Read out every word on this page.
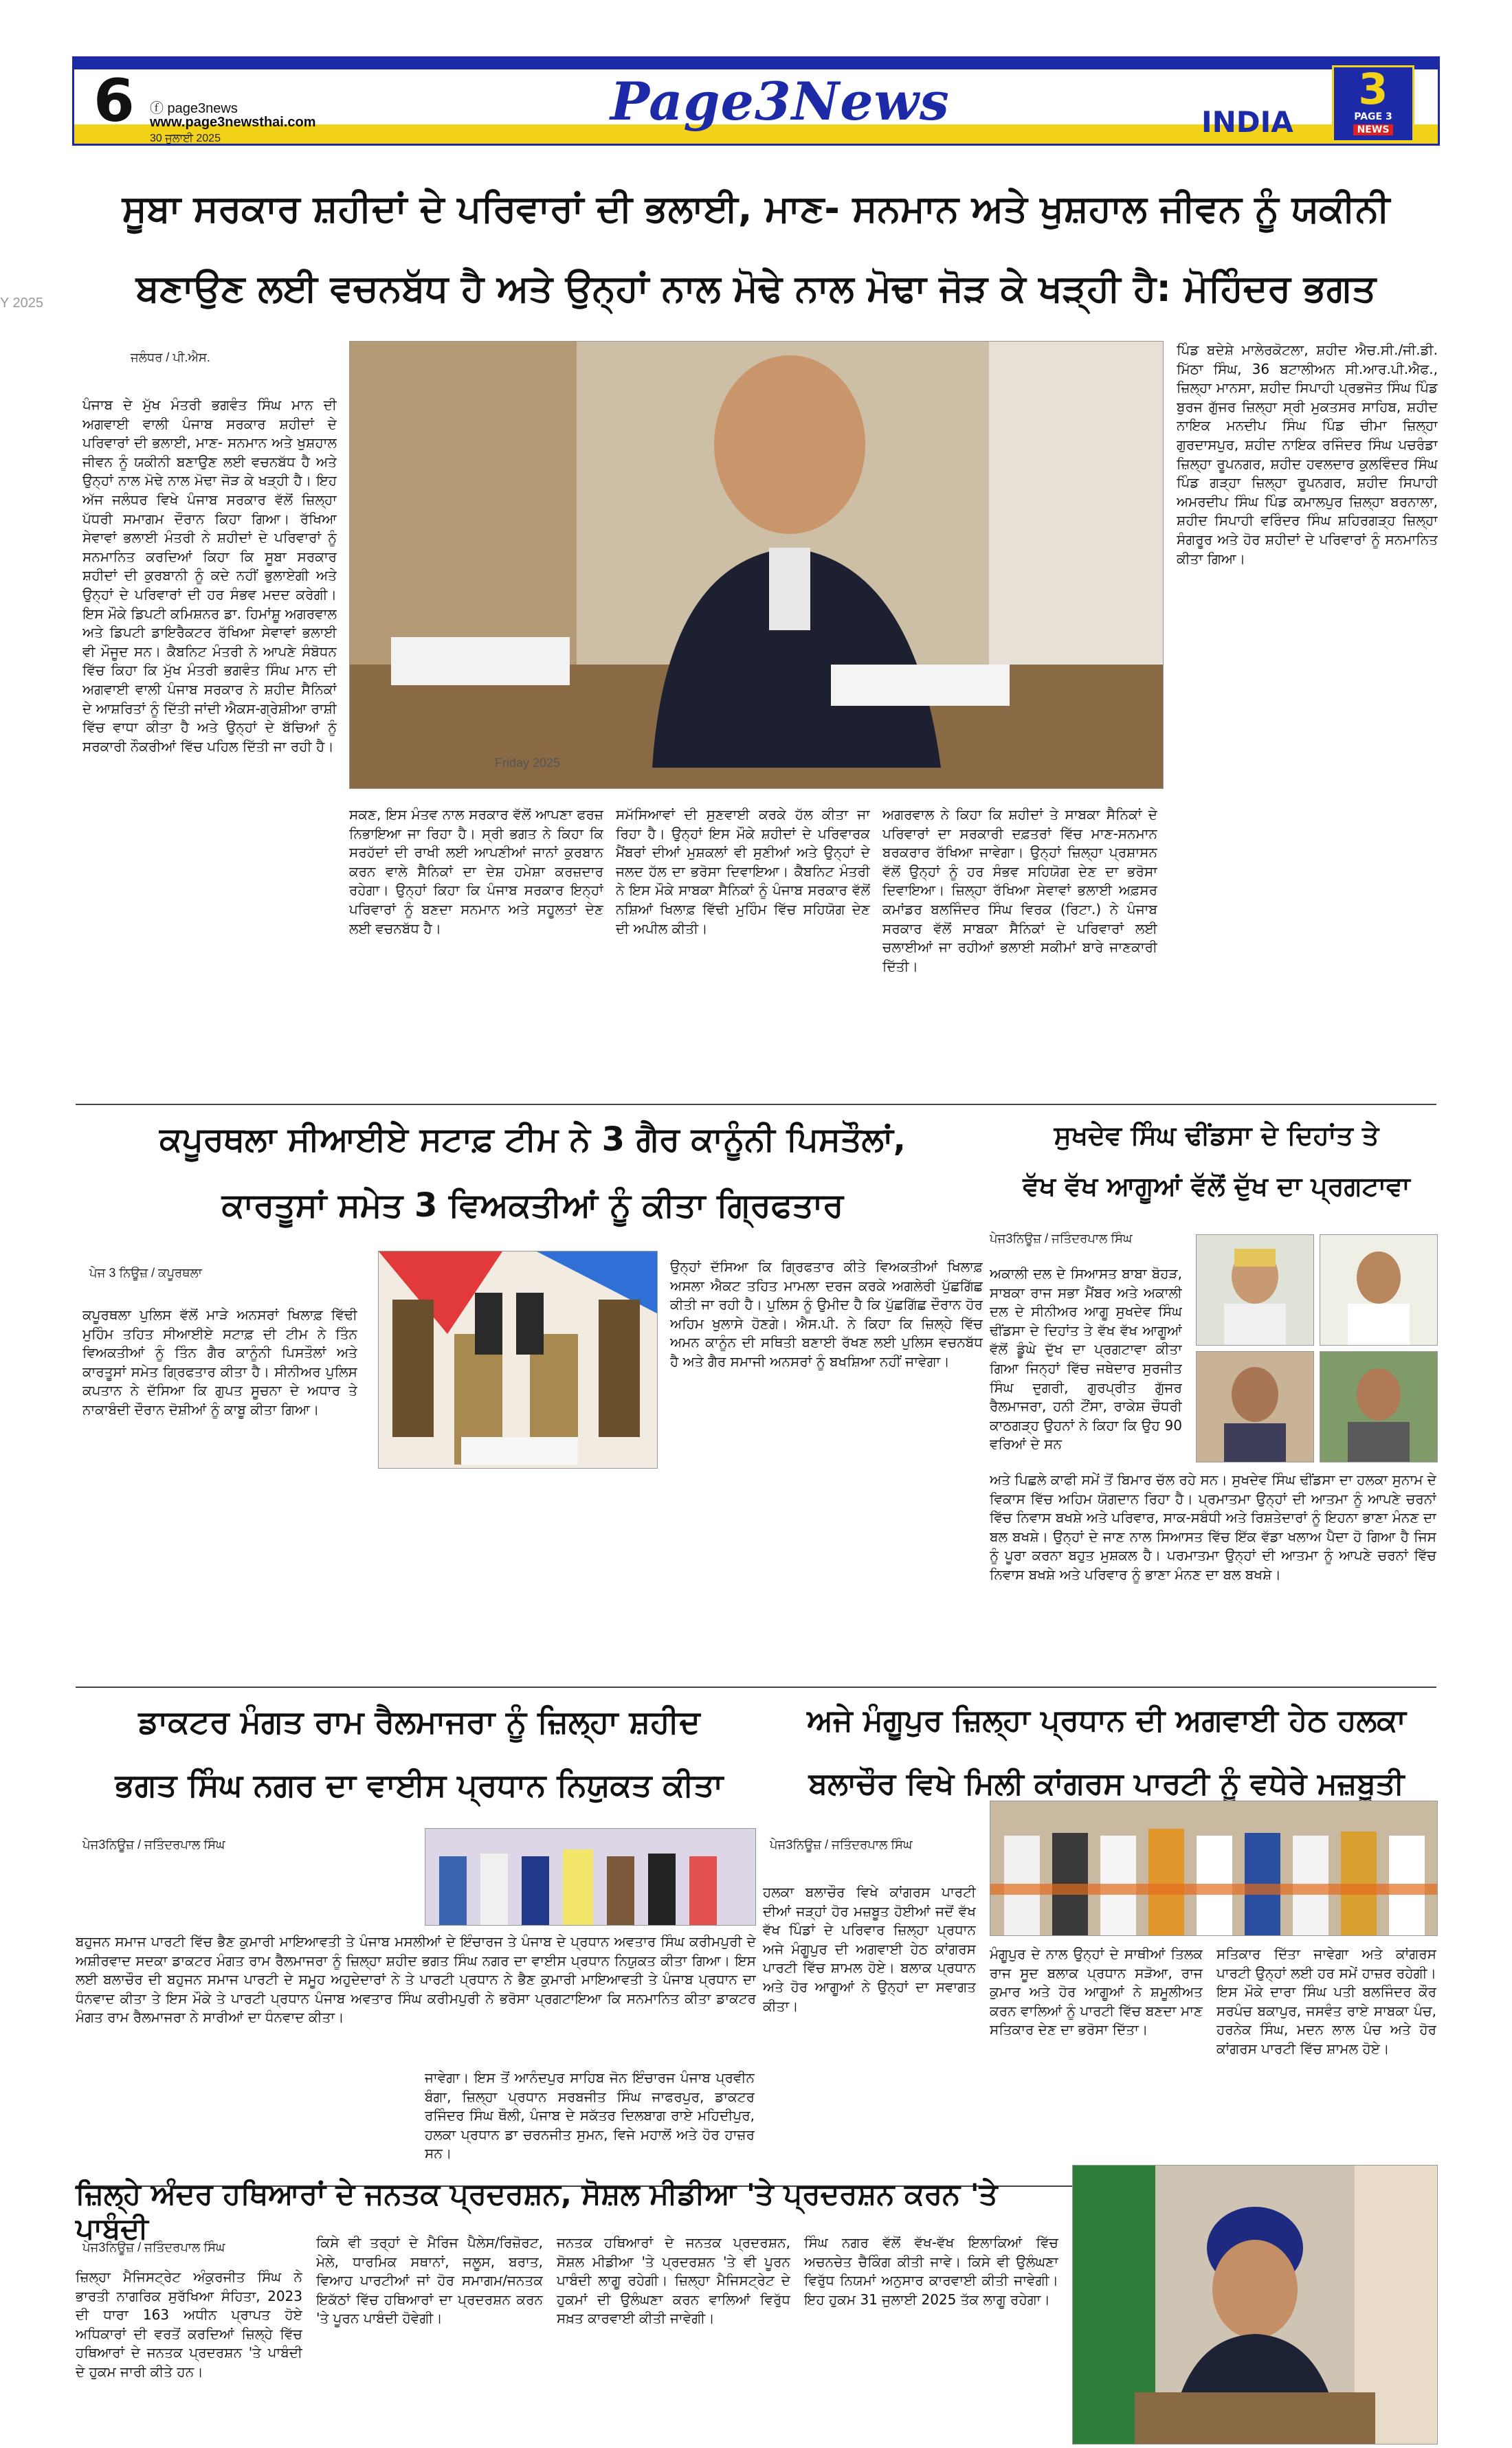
6 ⓕ page3news
www.page3newsthai.com
30 ਜੁਲਾਈ 2025
Page3News	INDIA
3
PAGE 3
NEWS
Y 2025
ਸੂਬਾ ਸਰਕਾਰ ਸ਼ਹੀਦਾਂ ਦੇ ਪਰਿਵਾਰਾਂ ਦੀ ਭਲਾਈ, ਮਾਣ- ਸਨਮਾਨ ਅਤੇ ਖੁਸ਼ਹਾਲ ਜੀਵਨ ਨੂੰ ਯਕੀਨੀ
ਬਣਾਉਣ ਲਈ ਵਚਨਬੱਧ ਹੈ ਅਤੇ ਉਨ੍ਹਾਂ ਨਾਲ ਮੋਢੇ ਨਾਲ ਮੋਢਾ ਜੋੜ ਕੇ ਖੜ੍ਹੀ ਹੈ: ਮੋਹਿੰਦਰ ਭਗਤ
ਜਲੰਧਰ / ਪੀ.ਐਸ.
ਪੰਜਾਬ ਦੇ ਮੁੱਖ ਮੰਤਰੀ ਭਗਵੰਤ ਸਿੰਘ ਮਾਨ ਦੀ ਅਗਵਾਈ ਵਾਲੀ ਪੰਜਾਬ ਸਰਕਾਰ ਸ਼ਹੀਦਾਂ ਦੇ ਪਰਿਵਾਰਾਂ ਦੀ ਭਲਾਈ, ਮਾਣ- ਸਨਮਾਨ ਅਤੇ ਖੁਸ਼ਹਾਲ ਜੀਵਨ ਨੂੰ ਯਕੀਨੀ ਬਣਾਉਣ ਲਈ ਵਚਨਬੱਧ ਹੈ ਅਤੇ ਉਨ੍ਹਾਂ ਨਾਲ ਮੋਢੇ ਨਾਲ ਮੋਢਾ ਜੋੜ ਕੇ ਖੜ੍ਹੀ ਹੈ। ਇਹ ਅੱਜ ਜਲੰਧਰ ਵਿਖੇ ਪੰਜਾਬ ਸਰਕਾਰ ਵੱਲੋਂ ਜ਼ਿਲ੍ਹਾ ਪੱਧਰੀ ਸਮਾਗਮ ਦੌਰਾਨ ਕਿਹਾ ਗਿਆ। ਰੱਖਿਆ ਸੇਵਾਵਾਂ ਭਲਾਈ ਮੰਤਰੀ ਨੇ ਸ਼ਹੀਦਾਂ ਦੇ ਪਰਿਵਾਰਾਂ ਨੂੰ ਸਨਮਾਨਿਤ ਕਰਦਿਆਂ ਕਿਹਾ ਕਿ ਸੂਬਾ ਸਰਕਾਰ ਸ਼ਹੀਦਾਂ ਦੀ ਕੁਰਬਾਨੀ ਨੂੰ ਕਦੇ ਨਹੀਂ ਭੁਲਾਏਗੀ ਅਤੇ ਉਨ੍ਹਾਂ ਦੇ ਪਰਿਵਾਰਾਂ ਦੀ ਹਰ ਸੰਭਵ ਮਦਦ ਕਰੇਗੀ। ਇਸ ਮੌਕੇ ਡਿਪਟੀ ਕਮਿਸ਼ਨਰ ਡਾ. ਹਿਮਾਂਸ਼ੂ ਅਗਰਵਾਲ ਅਤੇ ਡਿਪਟੀ ਡਾਇਰੈਕਟਰ ਰੱਖਿਆ ਸੇਵਾਵਾਂ ਭਲਾਈ ਵੀ ਮੌਜੂਦ ਸਨ। ਕੈਬਨਿਟ ਮੰਤਰੀ ਨੇ ਆਪਣੇ ਸੰਬੋਧਨ ਵਿੱਚ ਕਿਹਾ ਕਿ ਮੁੱਖ ਮੰਤਰੀ ਭਗਵੰਤ ਸਿੰਘ ਮਾਨ ਦੀ ਅਗਵਾਈ ਵਾਲੀ ਪੰਜਾਬ ਸਰਕਾਰ ਨੇ ਸ਼ਹੀਦ ਸੈਨਿਕਾਂ ਦੇ ਆਸ਼ਰਿਤਾਂ ਨੂੰ ਦਿੱਤੀ ਜਾਂਦੀ ਐਕਸ-ਗ੍ਰੇਸ਼ੀਆ ਰਾਸ਼ੀ ਵਿੱਚ ਵਾਧਾ ਕੀਤਾ ਹੈ ਅਤੇ ਉਨ੍ਹਾਂ ਦੇ ਬੱਚਿਆਂ ਨੂੰ ਸਰਕਾਰੀ ਨੌਕਰੀਆਂ ਵਿੱਚ ਪਹਿਲ ਦਿੱਤੀ ਜਾ ਰਹੀ ਹੈ।
Friday 2025
ਸਕਣ, ਇਸ ਮੰਤਵ ਨਾਲ ਸਰਕਾਰ ਵੱਲੋਂ ਆਪਣਾ ਫਰਜ਼ ਨਿਭਾਇਆ ਜਾ ਰਿਹਾ ਹੈ। ਸ੍ਰੀ ਭਗਤ ਨੇ ਕਿਹਾ ਕਿ ਸਰਹੱਦਾਂ ਦੀ ਰਾਖੀ ਲਈ ਆਪਣੀਆਂ ਜਾਨਾਂ ਕੁਰਬਾਨ ਕਰਨ ਵਾਲੇ ਸੈਨਿਕਾਂ ਦਾ ਦੇਸ਼ ਹਮੇਸ਼ਾ ਕਰਜ਼ਦਾਰ ਰਹੇਗਾ। ਉਨ੍ਹਾਂ ਕਿਹਾ ਕਿ ਪੰਜਾਬ ਸਰਕਾਰ ਇਨ੍ਹਾਂ ਪਰਿਵਾਰਾਂ ਨੂੰ ਬਣਦਾ ਸਨਮਾਨ ਅਤੇ ਸਹੂਲਤਾਂ ਦੇਣ ਲਈ ਵਚਨਬੱਧ ਹੈ।
ਸਮੱਸਿਆਵਾਂ ਦੀ ਸੁਣਵਾਈ ਕਰਕੇ ਹੱਲ ਕੀਤਾ ਜਾ ਰਿਹਾ ਹੈ। ਉਨ੍ਹਾਂ ਇਸ ਮੌਕੇ ਸ਼ਹੀਦਾਂ ਦੇ ਪਰਿਵਾਰਕ ਮੈਂਬਰਾਂ ਦੀਆਂ ਮੁਸ਼ਕਲਾਂ ਵੀ ਸੁਣੀਆਂ ਅਤੇ ਉਨ੍ਹਾਂ ਦੇ ਜਲਦ ਹੱਲ ਦਾ ਭਰੋਸਾ ਦਿਵਾਇਆ। ਕੈਬਨਿਟ ਮੰਤਰੀ ਨੇ ਇਸ ਮੌਕੇ ਸਾਬਕਾ ਸੈਨਿਕਾਂ ਨੂੰ ਪੰਜਾਬ ਸਰਕਾਰ ਵੱਲੋਂ ਨਸ਼ਿਆਂ ਖਿਲਾਫ਼ ਵਿੱਢੀ ਮੁਹਿੰਮ ਵਿੱਚ ਸਹਿਯੋਗ ਦੇਣ ਦੀ ਅਪੀਲ ਕੀਤੀ।
ਅਗਰਵਾਲ ਨੇ ਕਿਹਾ ਕਿ ਸ਼ਹੀਦਾਂ ਤੇ ਸਾਬਕਾ ਸੈਨਿਕਾਂ ਦੇ ਪਰਿਵਾਰਾਂ ਦਾ ਸਰਕਾਰੀ ਦਫ਼ਤਰਾਂ ਵਿੱਚ ਮਾਣ-ਸਨਮਾਨ ਬਰਕਰਾਰ ਰੱਖਿਆ ਜਾਵੇਗਾ। ਉਨ੍ਹਾਂ ਜ਼ਿਲ੍ਹਾ ਪ੍ਰਸ਼ਾਸਨ ਵੱਲੋਂ ਉਨ੍ਹਾਂ ਨੂੰ ਹਰ ਸੰਭਵ ਸਹਿਯੋਗ ਦੇਣ ਦਾ ਭਰੋਸਾ ਦਿਵਾਇਆ। ਜ਼ਿਲ੍ਹਾ ਰੱਖਿਆ ਸੇਵਾਵਾਂ ਭਲਾਈ ਅਫ਼ਸਰ ਕਮਾਂਡਰ ਬਲਜਿੰਦਰ ਸਿੰਘ ਵਿਰਕ (ਰਿਟਾ.) ਨੇ ਪੰਜਾਬ ਸਰਕਾਰ ਵੱਲੋਂ ਸਾਬਕਾ ਸੈਨਿਕਾਂ ਦੇ ਪਰਿਵਾਰਾਂ ਲਈ ਚਲਾਈਆਂ ਜਾ ਰਹੀਆਂ ਭਲਾਈ ਸਕੀਮਾਂ ਬਾਰੇ ਜਾਣਕਾਰੀ ਦਿੱਤੀ।
ਪਿੰਡ ਬਦੇਸ਼ੇ ਮਾਲੇਰਕੋਟਲਾ, ਸ਼ਹੀਦ ਐਚ.ਸੀ./ਜੀ.ਡੀ. ਮਿੱਠਾ ਸਿੰਘ, 36 ਬਟਾਲੀਅਨ ਸੀ.ਆਰ.ਪੀ.ਐਫ., ਜ਼ਿਲ੍ਹਾ ਮਾਨਸਾ, ਸ਼ਹੀਦ ਸਿਪਾਹੀ ਪ੍ਰਭਜੋਤ ਸਿੰਘ ਪਿੰਡ ਬੁਰਜ ਗੁੱਜਰ ਜ਼ਿਲ੍ਹਾ ਸ੍ਰੀ ਮੁਕਤਸਰ ਸਾਹਿਬ, ਸ਼ਹੀਦ ਨਾਇਕ ਮਨਦੀਪ ਸਿੰਘ ਪਿੰਡ ਚੀਮਾ ਜ਼ਿਲ੍ਹਾ ਗੁਰਦਾਸਪੁਰ, ਸ਼ਹੀਦ ਨਾਇਕ ਰਜਿੰਦਰ ਸਿੰਘ ਪਚਰੰਡਾ ਜ਼ਿਲ੍ਹਾ ਰੂਪਨਗਰ, ਸ਼ਹੀਦ ਹਵਲਦਾਰ ਕੁਲਵਿੰਦਰ ਸਿੰਘ ਪਿੰਡ ਗੜ੍ਹਾ ਜ਼ਿਲ੍ਹਾ ਰੂਪਨਗਰ, ਸ਼ਹੀਦ ਸਿਪਾਹੀ ਅਮਰਦੀਪ ਸਿੰਘ ਪਿੰਡ ਕਮਾਲਪੁਰ ਜ਼ਿਲ੍ਹਾ ਬਰਨਾਲਾ, ਸ਼ਹੀਦ ਸਿਪਾਹੀ ਵਰਿੰਦਰ ਸਿੰਘ ਸ਼ਹਿਰਗੜ੍ਹ ਜ਼ਿਲ੍ਹਾ ਸੰਗਰੂਰ ਅਤੇ ਹੋਰ ਸ਼ਹੀਦਾਂ ਦੇ ਪਰਿਵਾਰਾਂ ਨੂੰ ਸਨਮਾਨਿਤ ਕੀਤਾ ਗਿਆ।
ਕਪੂਰਥਲਾ ਸੀਆਈਏ ਸਟਾਫ਼ ਟੀਮ ਨੇ 3 ਗੈਰ ਕਾਨੂੰਨੀ ਪਿਸਤੌਲਾਂ,
ਕਾਰਤੂਸਾਂ ਸਮੇਤ 3 ਵਿਅਕਤੀਆਂ ਨੂੰ ਕੀਤਾ ਗ੍ਰਿਫਤਾਰ
ਪੇਜ 3 ਨਿਊਜ਼ / ਕਪੂਰਥਲਾ
ਕਪੂਰਥਲਾ ਪੁਲਿਸ ਵੱਲੋਂ ਮਾੜੇ ਅਨਸਰਾਂ ਖਿਲਾਫ਼ ਵਿੱਢੀ ਮੁਹਿੰਮ ਤਹਿਤ ਸੀਆਈਏ ਸਟਾਫ਼ ਦੀ ਟੀਮ ਨੇ ਤਿੰਨ ਵਿਅਕਤੀਆਂ ਨੂੰ ਤਿੰਨ ਗੈਰ ਕਾਨੂੰਨੀ ਪਿਸਤੌਲਾਂ ਅਤੇ ਕਾਰਤੂਸਾਂ ਸਮੇਤ ਗ੍ਰਿਫਤਾਰ ਕੀਤਾ ਹੈ। ਸੀਨੀਅਰ ਪੁਲਿਸ ਕਪਤਾਨ ਨੇ ਦੱਸਿਆ ਕਿ ਗੁਪਤ ਸੂਚਨਾ ਦੇ ਅਧਾਰ ਤੇ ਨਾਕਾਬੰਦੀ ਦੌਰਾਨ ਦੋਸ਼ੀਆਂ ਨੂੰ ਕਾਬੂ ਕੀਤਾ ਗਿਆ।
ਉਨ੍ਹਾਂ ਦੱਸਿਆ ਕਿ ਗ੍ਰਿਫਤਾਰ ਕੀਤੇ ਵਿਅਕਤੀਆਂ ਖਿਲਾਫ਼ ਅਸਲਾ ਐਕਟ ਤਹਿਤ ਮਾਮਲਾ ਦਰਜ ਕਰਕੇ ਅਗਲੇਰੀ ਪੁੱਛਗਿੱਛ ਕੀਤੀ ਜਾ ਰਹੀ ਹੈ। ਪੁਲਿਸ ਨੂੰ ਉਮੀਦ ਹੈ ਕਿ ਪੁੱਛਗਿੱਛ ਦੌਰਾਨ ਹੋਰ ਅਹਿਮ ਖੁਲਾਸੇ ਹੋਣਗੇ। ਐਸ.ਪੀ. ਨੇ ਕਿਹਾ ਕਿ ਜ਼ਿਲ੍ਹੇ ਵਿੱਚ ਅਮਨ ਕਾਨੂੰਨ ਦੀ ਸਥਿਤੀ ਬਣਾਈ ਰੱਖਣ ਲਈ ਪੁਲਿਸ ਵਚਨਬੱਧ ਹੈ ਅਤੇ ਗੈਰ ਸਮਾਜੀ ਅਨਸਰਾਂ ਨੂੰ ਬਖਸ਼ਿਆ ਨਹੀਂ ਜਾਵੇਗਾ।
ਸੁਖਦੇਵ ਸਿੰਘ ਢੀਂਡਸਾ ਦੇ ਦਿਹਾਂਤ ਤੇ
ਵੱਖ ਵੱਖ ਆਗੂਆਂ ਵੱਲੋਂ ਦੁੱਖ ਦਾ ਪ੍ਰਗਟਾਵਾ
ਪੇਜ3ਨਿਊਜ਼ / ਜਤਿੰਦਰਪਾਲ ਸਿੰਘ
ਅਕਾਲੀ ਦਲ ਦੇ ਸਿਆਸਤ ਬਾਬਾ ਬੋਹੜ, ਸਾਬਕਾ ਰਾਜ ਸਭਾ ਮੈਂਬਰ ਅਤੇ ਅਕਾਲੀ ਦਲ ਦੇ ਸੀਨੀਅਰ ਆਗੂ ਸੁਖਦੇਵ ਸਿੰਘ ਢੀਂਡਸਾ ਦੇ ਦਿਹਾਂਤ ਤੇ ਵੱਖ ਵੱਖ ਆਗੂਆਂ ਵੱਲੋਂ ਡੂੰਘੇ ਦੁੱਖ ਦਾ ਪ੍ਰਗਟਾਵਾ ਕੀਤਾ ਗਿਆ ਜਿਨ੍ਹਾਂ ਵਿੱਚ ਜਥੇਦਾਰ ਸੁਰਜੀਤ ਸਿੰਘ ਦੁਗਰੀ, ਗੁਰਪ੍ਰੀਤ ਗੁੱਜਰ ਰੈਲਮਾਜਰਾ, ਹਨੀ ਟੌਂਸਾ, ਰਾਕੇਸ਼ ਚੌਧਰੀ ਕਾਠਗੜ੍ਹ ਉਹਨਾਂ ਨੇ ਕਿਹਾ ਕਿ ਉਹ 90 ਵਰਿਆਂ ਦੇ ਸਨ
ਅਤੇ ਪਿਛਲੇ ਕਾਫੀ ਸਮੇਂ ਤੋਂ ਬਿਮਾਰ ਚੱਲ ਰਹੇ ਸਨ। ਸੁਖਦੇਵ ਸਿੰਘ ਢੀਂਡਸਾ ਦਾ ਹਲਕਾ ਸੁਨਾਮ ਦੇ ਵਿਕਾਸ ਵਿੱਚ ਅਹਿਮ ਯੋਗਦਾਨ ਰਿਹਾ ਹੈ। ਪ੍ਰਮਾਤਮਾ ਉਨ੍ਹਾਂ ਦੀ ਆਤਮਾ ਨੂੰ ਆਪਣੇ ਚਰਨਾਂ ਵਿੱਚ ਨਿਵਾਸ ਬਖਸ਼ੇ ਅਤੇ ਪਰਿਵਾਰ, ਸਾਕ-ਸਬੰਧੀ ਅਤੇ ਰਿਸ਼ਤੇਦਾਰਾਂ ਨੂੰ ਇਹਨਾ ਭਾਣਾ ਮੰਨਣ ਦਾ ਬਲ ਬਖਸ਼ੇ। ਉਨ੍ਹਾਂ ਦੇ ਜਾਣ ਨਾਲ ਸਿਆਸਤ ਵਿੱਚ ਇੱਕ ਵੱਡਾ ਖਲਾਅ ਪੈਦਾ ਹੋ ਗਿਆ ਹੈ ਜਿਸ ਨੂੰ ਪੂਰਾ ਕਰਨਾ ਬਹੁਤ ਮੁਸ਼ਕਲ ਹੈ। ਪਰਮਾਤਮਾ ਉਨ੍ਹਾਂ ਦੀ ਆਤਮਾ ਨੂੰ ਆਪਣੇ ਚਰਨਾਂ ਵਿੱਚ ਨਿਵਾਸ ਬਖਸ਼ੇ ਅਤੇ ਪਰਿਵਾਰ ਨੂੰ ਭਾਣਾ ਮੰਨਣ ਦਾ ਬਲ ਬਖਸ਼ੇ।
ਡਾਕਟਰ ਮੰਗਤ ਰਾਮ ਰੈਲਮਾਜਰਾ ਨੂੰ ਜ਼ਿਲ੍ਹਾ ਸ਼ਹੀਦ
ਭਗਤ ਸਿੰਘ ਨਗਰ ਦਾ ਵਾਈਸ ਪ੍ਰਧਾਨ ਨਿਯੁਕਤ ਕੀਤਾ
ਪੇਜ3ਨਿਊਜ਼ / ਜਤਿੰਦਰਪਾਲ ਸਿੰਘ
ਬਹੁਜਨ ਸਮਾਜ ਪਾਰਟੀ ਵਿੱਚ ਭੈਣ ਕੁਮਾਰੀ ਮਾਇਆਵਤੀ ਤੇ ਪੰਜਾਬ ਮਸਲੀਆਂ ਦੇ ਇੰਚਾਰਜ ਤੇ ਪੰਜਾਬ ਦੇ ਪ੍ਰਧਾਨ ਅਵਤਾਰ ਸਿੰਘ ਕਰੀਮਪੁਰੀ ਦੇ ਅਸ਼ੀਰਵਾਦ ਸਦਕਾ ਡਾਕਟਰ ਮੰਗਤ ਰਾਮ ਰੈਲਮਾਜਰਾ ਨੂੰ ਜ਼ਿਲ੍ਹਾ ਸ਼ਹੀਦ ਭਗਤ ਸਿੰਘ ਨਗਰ ਦਾ ਵਾਈਸ ਪ੍ਰਧਾਨ ਨਿਯੁਕਤ ਕੀਤਾ ਗਿਆ। ਇਸ ਲਈ ਬਲਾਚੌਰ ਦੀ ਬਹੁਜਨ ਸਮਾਜ ਪਾਰਟੀ ਦੇ ਸਮੂਹ ਅਹੁਦੇਦਾਰਾਂ ਨੇ ਤੇ ਪਾਰਟੀ ਪ੍ਰਧਾਨ ਨੇ ਭੈਣ ਕੁਮਾਰੀ ਮਾਇਆਵਤੀ ਤੇ ਪੰਜਾਬ ਪ੍ਰਧਾਨ ਦਾ ਧੰਨਵਾਦ ਕੀਤਾ ਤੇ ਇਸ ਮੌਕੇ ਤੇ ਪਾਰਟੀ ਪ੍ਰਧਾਨ ਪੰਜਾਬ ਅਵਤਾਰ ਸਿੰਘ ਕਰੀਮਪੁਰੀ ਨੇ ਭਰੋਸਾ ਪ੍ਰਗਟਾਇਆ ਕਿ ਸਨਮਾਨਿਤ ਕੀਤਾ ਡਾਕਟਰ ਮੰਗਤ ਰਾਮ ਰੈਲਮਾਜਰਾ ਨੇ ਸਾਰੀਆਂ ਦਾ ਧੰਨਵਾਦ ਕੀਤਾ।
ਜਾਵੇਗਾ। ਇਸ ਤੋਂ ਆਨੰਦਪੁਰ ਸਾਹਿਬ ਜੋਨ ਇੰਚਾਰਜ ਪੰਜਾਬ ਪ੍ਰਵੀਨ ਬੰਗਾ, ਜ਼ਿਲ੍ਹਾ ਪ੍ਰਧਾਨ ਸਰਬਜੀਤ ਸਿੰਘ ਜਾਫਰਪੁਰ, ਡਾਕਟਰ ਰਜਿੰਦਰ ਸਿੰਘ ਥੌਲੀ, ਪੰਜਾਬ ਦੇ ਸਕੱਤਰ ਦਿਲਬਾਗ ਰਾਏ ਮਹਿਦੀਪੁਰ, ਹਲਕਾ ਪ੍ਰਧਾਨ ਡਾ ਚਰਨਜੀਤ ਸੁਮਨ, ਵਿਜੇ ਮਹਾਲੋਂ ਅਤੇ ਹੋਰ ਹਾਜ਼ਰ ਸਨ।
ਅਜੇ ਮੰਗੂਪੁਰ ਜ਼ਿਲ੍ਹਾ ਪ੍ਰਧਾਨ ਦੀ ਅਗਵਾਈ ਹੇਠ ਹਲਕਾ
ਬਲਾਚੌਰ ਵਿਖੇ ਮਿਲੀ ਕਾਂਗਰਸ ਪਾਰਟੀ ਨੂੰ ਵਧੇਰੇ ਮਜ਼ਬੂਤੀ
ਪੇਜ3ਨਿਊਜ਼ / ਜਤਿੰਦਰਪਾਲ ਸਿੰਘ
ਹਲਕਾ ਬਲਾਚੌਰ ਵਿਖੇ ਕਾਂਗਰਸ ਪਾਰਟੀ ਦੀਆਂ ਜੜ੍ਹਾਂ ਹੋਰ ਮਜ਼ਬੂਤ ਹੋਈਆਂ ਜਦੋਂ ਵੱਖ ਵੱਖ ਪਿੰਡਾਂ ਦੇ ਪਰਿਵਾਰ ਜ਼ਿਲ੍ਹਾ ਪ੍ਰਧਾਨ ਅਜੇ ਮੰਗੂਪੁਰ ਦੀ ਅਗਵਾਈ ਹੇਠ ਕਾਂਗਰਸ ਪਾਰਟੀ ਵਿੱਚ ਸ਼ਾਮਲ ਹੋਏ। ਬਲਾਕ ਪ੍ਰਧਾਨ ਅਤੇ ਹੋਰ ਆਗੂਆਂ ਨੇ ਉਨ੍ਹਾਂ ਦਾ ਸਵਾਗਤ ਕੀਤਾ।
ਮੰਗੂਪੁਰ ਦੇ ਨਾਲ ਉਨ੍ਹਾਂ ਦੇ ਸਾਥੀਆਂ ਤਿਲਕ ਰਾਜ ਸੂਦ ਬਲਾਕ ਪ੍ਰਧਾਨ ਸੜੋਆ, ਰਾਜ ਕੁਮਾਰ ਅਤੇ ਹੋਰ ਆਗੂਆਂ ਨੇ ਸ਼ਮੂਲੀਅਤ ਕਰਨ ਵਾਲਿਆਂ ਨੂੰ ਪਾਰਟੀ ਵਿੱਚ ਬਣਦਾ ਮਾਣ ਸਤਿਕਾਰ ਦੇਣ ਦਾ ਭਰੋਸਾ ਦਿੱਤਾ।
ਸਤਿਕਾਰ ਦਿੱਤਾ ਜਾਵੇਗਾ ਅਤੇ ਕਾਂਗਰਸ ਪਾਰਟੀ ਉਨ੍ਹਾਂ ਲਈ ਹਰ ਸਮੇਂ ਹਾਜ਼ਰ ਰਹੇਗੀ। ਇਸ ਮੌਕੇ ਦਾਰਾ ਸਿੰਘ ਪਤੀ ਬਲਜਿੰਦਰ ਕੌਰ ਸਰਪੰਚ ਬਕਾਪੁਰ, ਜਸਵੰਤ ਰਾਏ ਸਾਬਕਾ ਪੰਚ, ਹਰਨੇਕ ਸਿੰਘ, ਮਦਨ ਲਾਲ ਪੰਚ ਅਤੇ ਹੋਰ ਕਾਂਗਰਸ ਪਾਰਟੀ ਵਿੱਚ ਸ਼ਾਮਲ ਹੋਏ।
ਜ਼ਿਲ੍ਹੇ ਅੰਦਰ ਹਥਿਆਰਾਂ ਦੇ ਜਨਤਕ ਪ੍ਰਦਰਸ਼ਨ, ਸੋਸ਼ਲ ਮੀਡੀਆ 'ਤੇ ਪ੍ਰਦਰਸ਼ਨ ਕਰਨ 'ਤੇ ਪਾਬੰਦੀ
ਪੇਜ3ਨਿਊਜ਼ / ਜਤਿੰਦਰਪਾਲ ਸਿੰਘ
ਜ਼ਿਲ੍ਹਾ ਮੈਜਿਸਟ੍ਰੇਟ ਅੰਕੁਰਜੀਤ ਸਿੰਘ ਨੇ ਭਾਰਤੀ ਨਾਗਰਿਕ ਸੁਰੱਖਿਆ ਸੰਹਿਤਾ, 2023 ਦੀ ਧਾਰਾ 163 ਅਧੀਨ ਪ੍ਰਾਪਤ ਹੋਏ ਅਧਿਕਾਰਾਂ ਦੀ ਵਰਤੋਂ ਕਰਦਿਆਂ ਜ਼ਿਲ੍ਹੇ ਵਿੱਚ ਹਥਿਆਰਾਂ ਦੇ ਜਨਤਕ ਪ੍ਰਦਰਸ਼ਨ 'ਤੇ ਪਾਬੰਦੀ ਦੇ ਹੁਕਮ ਜਾਰੀ ਕੀਤੇ ਹਨ।
ਕਿਸੇ ਵੀ ਤਰ੍ਹਾਂ ਦੇ ਮੈਰਿਜ ਪੈਲੇਸ/ਰਿਜ਼ੋਰਟ, ਮੇਲੇ, ਧਾਰਮਿਕ ਸਥਾਨਾਂ, ਜਲੂਸ, ਬਰਾਤ, ਵਿਆਹ ਪਾਰਟੀਆਂ ਜਾਂ ਹੋਰ ਸਮਾਗਮ/ਜਨਤਕ ਇਕੱਠਾਂ ਵਿੱਚ ਹਥਿਆਰਾਂ ਦਾ ਪ੍ਰਦਰਸ਼ਨ ਕਰਨ 'ਤੇ ਪੂਰਨ ਪਾਬੰਦੀ ਹੋਵੇਗੀ।
ਜਨਤਕ ਹਥਿਆਰਾਂ ਦੇ ਜਨਤਕ ਪ੍ਰਦਰਸ਼ਨ, ਸੋਸ਼ਲ ਮੀਡੀਆ 'ਤੇ ਪ੍ਰਦਰਸ਼ਨ 'ਤੇ ਵੀ ਪੂਰਨ ਪਾਬੰਦੀ ਲਾਗੂ ਰਹੇਗੀ। ਜ਼ਿਲ੍ਹਾ ਮੈਜਿਸਟ੍ਰੇਟ ਦੇ ਹੁਕਮਾਂ ਦੀ ਉਲੰਘਣਾ ਕਰਨ ਵਾਲਿਆਂ ਵਿਰੁੱਧ ਸਖ਼ਤ ਕਾਰਵਾਈ ਕੀਤੀ ਜਾਵੇਗੀ।
ਸਿੰਘ ਨਗਰ ਵੱਲੋਂ ਵੱਖ-ਵੱਖ ਇਲਾਕਿਆਂ ਵਿੱਚ ਅਚਨਚੇਤ ਚੈਕਿੰਗ ਕੀਤੀ ਜਾਵੇ। ਕਿਸੇ ਵੀ ਉਲੰਘਣਾ ਵਿਰੁੱਧ ਨਿਯਮਾਂ ਅਨੁਸਾਰ ਕਾਰਵਾਈ ਕੀਤੀ ਜਾਵੇਗੀ। ਇਹ ਹੁਕਮ 31 ਜੁਲਾਈ 2025 ਤੱਕ ਲਾਗੂ ਰਹੇਗਾ।
